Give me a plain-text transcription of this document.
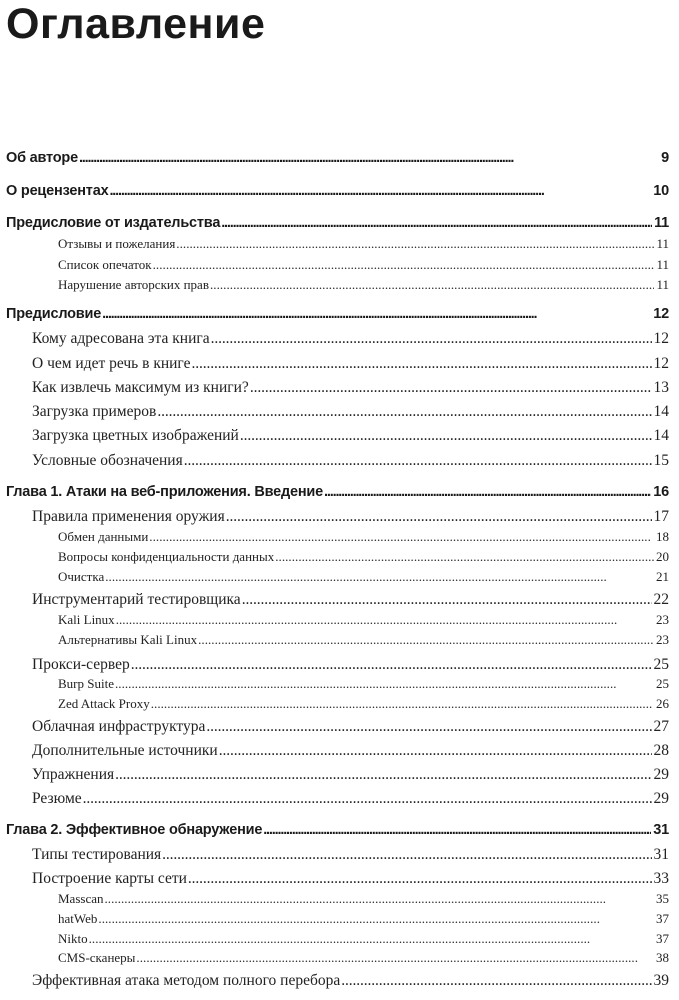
Оглавление
Об авторе . . .	9
О рецензентах . . .	10
Предисловие от издательства . . .	11
Отзывы и пожелания . . .	11
Список опечаток . . .	11
Нарушение авторских прав . . .	11
Предисловие . . .	12
Кому адресована эта книга . . .	12
О чем идет речь в книге . . .	12
Как извлечь максимум из книги? . . .	13
Загрузка примеров . . .	14
Загрузка цветных изображений . . .	14
Условные обозначения . . .	15
Глава 1. Атаки на веб-приложения. Введение . . .	16
Правила применения оружия . . .	17
Обмен данными . . .	18
Вопросы конфиденциальности данных . . .	20
Очистка . . .	21
Инструментарий тестировщика . . .	22
Kali Linux . . .	23
Альтернативы Kali Linux . . .	23
Прокси-сервер . . .	25
Burp Suite . . .	25
Zed Attack Proxy . . .	26
Облачная инфраструктура . . .	27
Дополнительные источники . . .	28
Упражнения . . .	29
Резюме . . .	29
Глава 2. Эффективное обнаружение . . .	31
Типы тестирования . . .	31
Построение карты сети . . .	33
Masscan . . .	35
hatWeb . . .	37
Nikto . . .	37
CMS-сканеры . . .	38
Эффективная атака методом полного перебора . . .	39
